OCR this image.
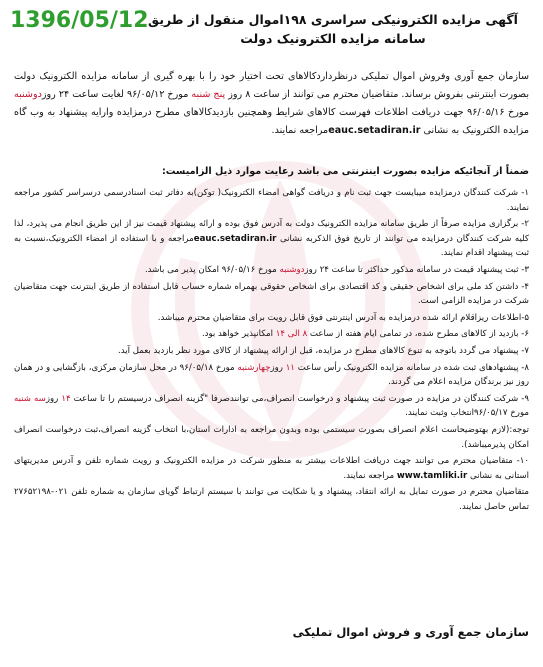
1396/05/12 آگهی مزایده الکترونیکی سراسری ۱۹۸اموال منقول از طریق سامانه مزایده الکترونیک دولت
سازمان جمع آوری وفروش اموال تملیکی درنظرداردکالاهای تحت اختیار خود را با بهره گیری از سامانه مزایده الکترونیک دولت بصورت اینترنتی بفروش برساند. متقاضیان محترم می توانند از ساعت ۸ روز پنج شنبه مورخ ۹۶/۰۵/۱۲ لغایت ساعت ۲۴ روزدوشنبه مورخ ۹۶/۰۵/۱۶ جهت دریافت اطلاعات فهرست کالاهای شرایط وهمچنین بازدیدکالاهای مطرح درمزایده وارایه پیشنهاد به وب گاه مزایده الکترونیک به نشانی eauc.setadiran.irمراجعه نمایند.
ضمناً از آنجائیکه مزایده بصورت اینترنتی می باشد رعایت موارد ذیل الزامیست:

۱- شرکت کنندگان درمزایده میبایست جهت ثبت نام و دریافت گواهی امضاء الکترونیک( توکن)به دفاتر ثبت اسنادرسمی درسراسر کشور مراجعه نمایند.

۲- برگزاری مزایده صرفاً از طریق سامانه مزایده الکترونیک دولت به آدرس فوق بوده و ارائه پیشنهاد قیمت نیز از این طریق انجام می پذیرد، لذا کلیه شرکت کنندگان درمزایده می توانند از تاریخ فوق الذکربه نشانی eauc.setadiran.irمراجعه و با استفاده از امضاء الکترونیک،نسبت به ثبت پیشنهاد اقدام نمایند.

۳- ثبت پیشنهاد قیمت در سامانه مذکور حداکثر تا ساعت ۲۴ روزدوشنبه مورخ ۹۶/۰۵/۱۶ امکان پذیر می باشد.

۴- داشتن کد ملی برای اشخاص حقیقی و کد اقتصادی برای اشخاص حقوقی بهمراه شماره حساب قابل استفاده از طریق اینترنت جهت متقاضیان شرکت در مزایده الزامی است.

۵-اطلاعات ریزاقلام ارائه شده درمزایده به آدرس اینترنتی فوق قابل رویت برای متقاضیان محترم میباشد.

۶- بازدید از کالاهای مطرح شده، در تمامی ایام هفته از ساعت ۸ الی ۱۴ امکانپذیر خواهد بود.

۷- پیشنهاد می گردد باتوجه به تنوع کالاهای مطرح در مزایده، قبل از ارائه پیشنهاد از کالای مورد نظر بازدید بعمل آید.

۸- پیشنهادهای ثبت شده در سامانه مزایده الکترونیک رأس ساعت ۱۱ روزچهارشنبه مورخ ۹۶/۰۵/۱۸ در محل سازمان مرکزی، بازگشایی و در همان روز نیز برندگان مزایده اعلام می گردند.

۹- شرکت کنندگان در مزایده در صورت ثبت پیشنهاد و درخواست انصراف،می توانندصرفا "گزینه انصراف درسیستم را تا ساعت ۱۴ روزسه شنبه مورخ ۹۶/۰۵/۱۷انتخاب وثبت نمایند.

توجه:(لازم بهتوضیحاست اعلام انصراف بصورت سیستمی بوده وبدون مراجعه به ادارات استان،با انتخاب گزینه انصراف،ثبت درخواست انصراف امکان پذیرمیباشد).

۱۰- متقاضیان محترم می توانند جهت دریافت اطلاعات بیشتر به منظور شرکت در مزایده الکترونیک و رویت شماره تلفن و آدرس مدیریتهای استانی به نشانی www.tamliki.ir مراجعه نمایند.

متقاضیان محترم در صورت تمایل به ارائه انتقاد، پیشنهاد و یا شکایت می توانند با سیستم ارتباط گویای سازمان به شماره تلفن ۰۲۱-۲۷۶۵۲۱۹۸ تماس حاصل نمایند.

سازمان جمع آوری و فروش اموال تملیکی
